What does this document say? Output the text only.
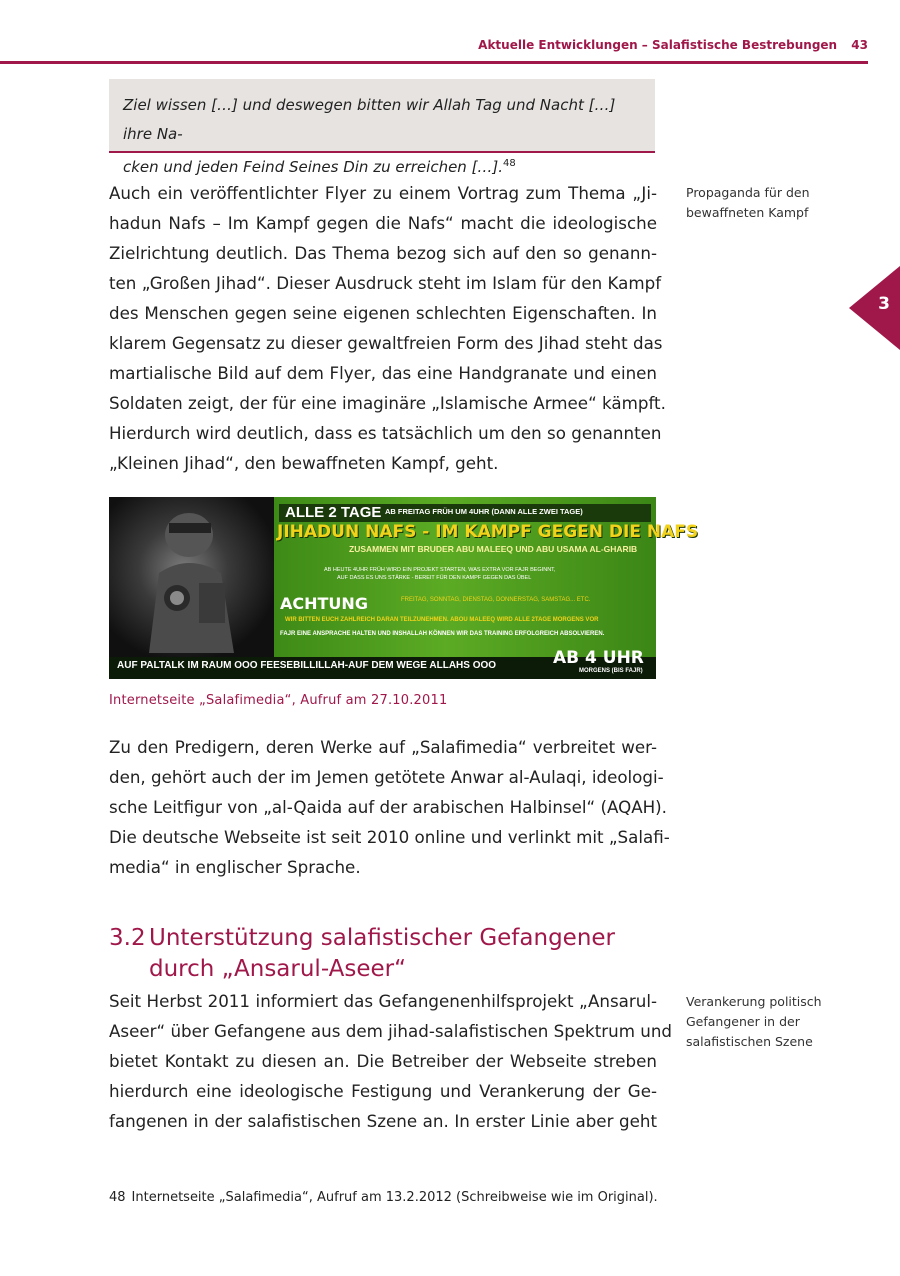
Aktuelle Entwicklungen – Salafistische Bestrebungen 43

Ziel wissen […] und deswegen bitten wir Allah Tag und Nacht […] ihre Na-
cken und jeden Feind Seines Din zu erreichen […].$^{48}$

Auch ein veröffentlichter Flyer zu einem Vortrag zum Thema „Ji-
hadun Nafs – Im Kampf gegen die Nafs“ macht die ideologische
Zielrichtung deutlich. Das Thema bezog sich auf den so genann-
ten „Großen Jihad“. Dieser Ausdruck steht im Islam für den Kampf
des Menschen gegen seine eigenen schlechten Eigenschaften. In
klarem Gegensatz zu dieser gewaltfreien Form des Jihad steht das
martialische Bild auf dem Flyer, das eine Handgranate und einen
Soldaten zeigt, der für eine imaginäre „Islamische Armee“ kämpft.
Hierdurch wird deutlich, dass es tatsächlich um den so genannten
„Kleinen Jihad“, den bewaffneten Kampf, geht.
Propaganda für den
bewaffneten Kampf
3
ALLE 2 TAGE AB FREITAG FRÜH UM 4UHR (DANN ALLE ZWEI TAGE)
JIHADUN NAFS - IM KAMPF GEGEN DIE NAFS
ZUSAMMEN MIT BRUDER ABU MALEEQ UND ABU USAMA AL-GHARIB
AB HEUTE 4UHR FRÜH WIRD EIN PROJEKT STARTEN, WAS EXTRA VOR FAJR BEGINNT,
AUF DASS ES UNS STÄRKE - BEREIT FÜR DEN KAMPF GEGEN DAS ÜBEL
ACHTUNG	FREITAG, SONNTAG, DIENSTAG, DONNERSTAG, SAMSTAG... ETC.
WIR BITTEN EUCH ZAHLREICH DARAN TEILZUNEHMEN. ABOU MALEEQ WIRD ALLE 2TAGE MORGENS VOR
FAJR EINE ANSPRACHE HALTEN UND INSHALLAH KÖNNEN WIR DAS TRAINING ERFOLGREICH ABSOLVIEREN.
AUF PALTALK IM RAUM OOO FEESEBILLILLAH-AUF DEM WEGE ALLAHS OOO	AB 4 UHR
MORGENS (BIS FAJR)

Internetseite „Salafimedia“, Aufruf am 27.10.2011

Zu den Predigern, deren Werke auf „Salafimedia“ verbreitet wer-
den, gehört auch der im Jemen getötete Anwar al-Aulaqi, ideologi-
sche Leitfigur von „al-Qaida auf der arabischen Halbinsel“ (AQAH).
Die deutsche Webseite ist seit 2010 online und verlinkt mit „Salafi-
media“ in englischer Sprache.
3.2 Unterstützung salafistischer Gefangener
durch „Ansarul-Aseer“
Seit Herbst 2011 informiert das Gefangenenhilfsprojekt „Ansarul-
Aseer“ über Gefangene aus dem jihad-salafistischen Spektrum und
bietet Kontakt zu diesen an. Die Betreiber der Webseite streben
hierdurch eine ideologische Festigung und Verankerung der Ge-
fangenen in der salafistischen Szene an. In erster Linie aber geht
Verankerung politisch
Gefangener in der
salafistischen Szene

48 Internetseite „Salafimedia“, Aufruf am 13.2.2012 (Schreibweise wie im Original).
